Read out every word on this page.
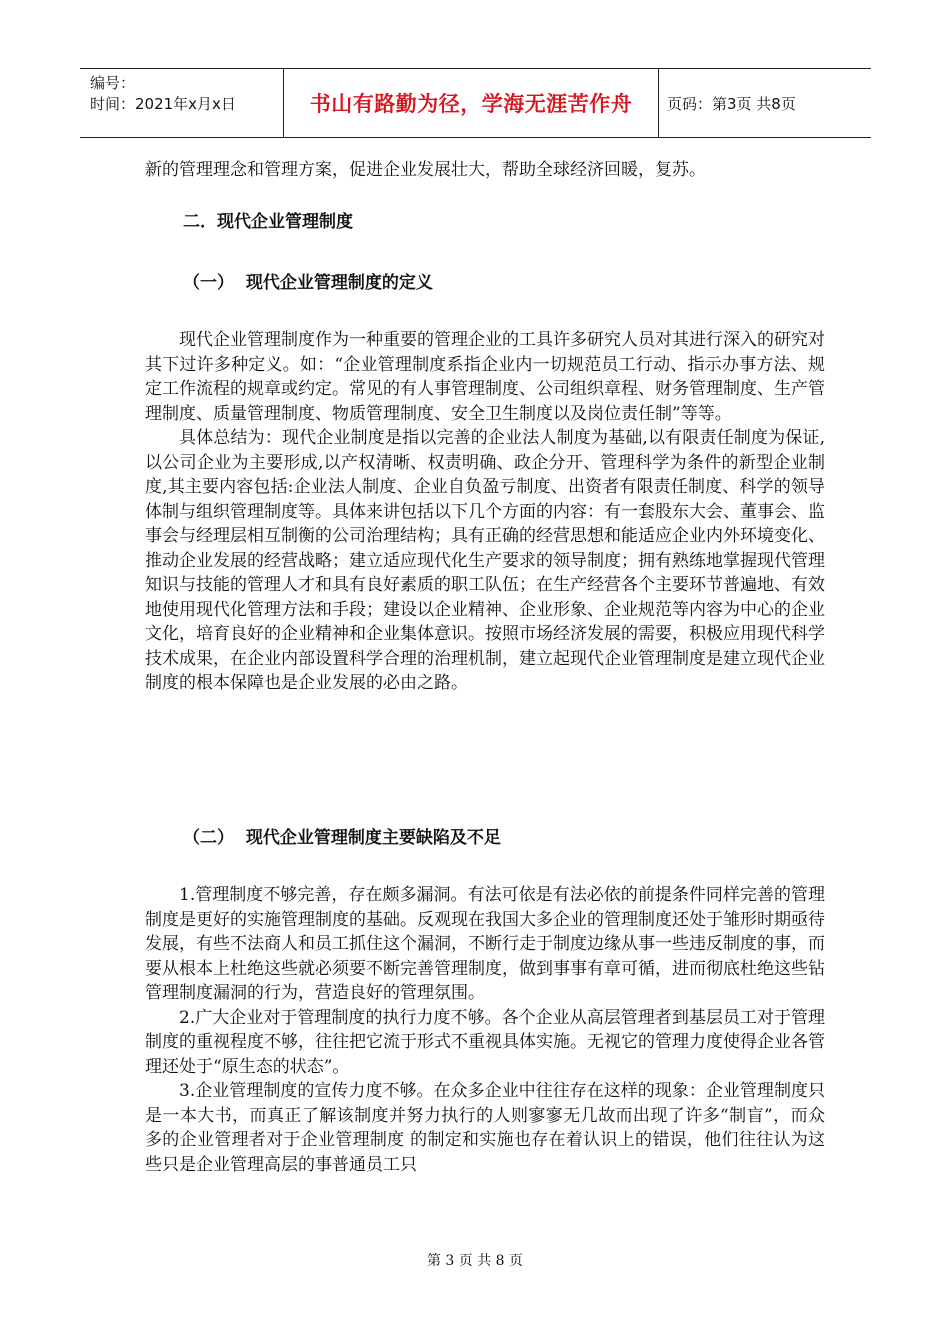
编号：
时间：2021年x月x日	书山有路勤为径，学海无涯苦作舟	页码：第3页 共8页

新的管理理念和管理方案，促进企业发展壮大，帮助全球经济回暖，复苏。

二．现代企业管理制度
（一）  现代企业管理制度的定义

现代企业管理制度作为一种重要的管理企业的工具许多研究人员对其进行深入的研究对其下过许多种定义。如：“企业管理制度系指企业内一切规范员工行动、指示办事方法、规定工作流程的规章或约定。常见的有人事管理制度、公司组织章程、财务管理制度、生产管理制度、质量管理制度、物质管理制度、安全卫生制度以及岗位责任制”等等。

具体总结为：现代企业制度是指以完善的企业法人制度为基础,以有限责任制度为保证,以公司企业为主要形成,以产权清晰、权责明确、政企分开、管理科学为条件的新型企业制度,其主要内容包括:企业法人制度、企业自负盈亏制度、出资者有限责任制度、科学的领导体制与组织管理制度等。具体来讲包括以下几个方面的内容：有一套股东大会、董事会、监事会与经理层相互制衡的公司治理结构；具有正确的经营思想和能适应企业内外环境变化、推动企业发展的经营战略；建立适应现代化生产要求的领导制度；拥有熟练地掌握现代管理知识与技能的管理人才和具有良好素质的职工队伍；在生产经营各个主要环节普遍地、有效地使用现代化管理方法和手段；建设以企业精神、企业形象、企业规范等内容为中心的企业文化，培育良好的企业精神和企业集体意识。按照市场经济发展的需要，积极应用现代科学技术成果，在企业内部设置科学合理的治理机制，建立起现代企业管理制度是建立现代企业制度的根本保障也是企业发展的必由之路。

（二）  现代企业管理制度主要缺陷及不足

1.管理制度不够完善，存在颇多漏洞。有法可依是有法必依的前提条件同样完善的管理制度是更好的实施管理制度的基础。反观现在我国大多企业的管理制度还处于雏形时期亟待发展，有些不法商人和员工抓住这个漏洞，不断行走于制度边缘从事一些违反制度的事，而要从根本上杜绝这些就必须要不断完善管理制度，做到事事有章可循，进而彻底杜绝这些钻管理制度漏洞的行为，营造良好的管理氛围。

2.广大企业对于管理制度的执行力度不够。各个企业从高层管理者到基层员工对于管理制度的重视程度不够，往往把它流于形式不重视具体实施。无视它的管理力度使得企业各管理还处于“原生态的状态”。

3.企业管理制度的宣传力度不够。在众多企业中往往存在这样的现象：企业管理制度只是一本大书，而真正了解该制度并努力执行的人则寥寥无几故而出现了许多“制盲”，而众多的企业管理者对于企业管理制度 的制定和实施也存在着认识上的错误，他们往往认为这些只是企业管理高层的事普通员工只

第 3 页 共 8 页
